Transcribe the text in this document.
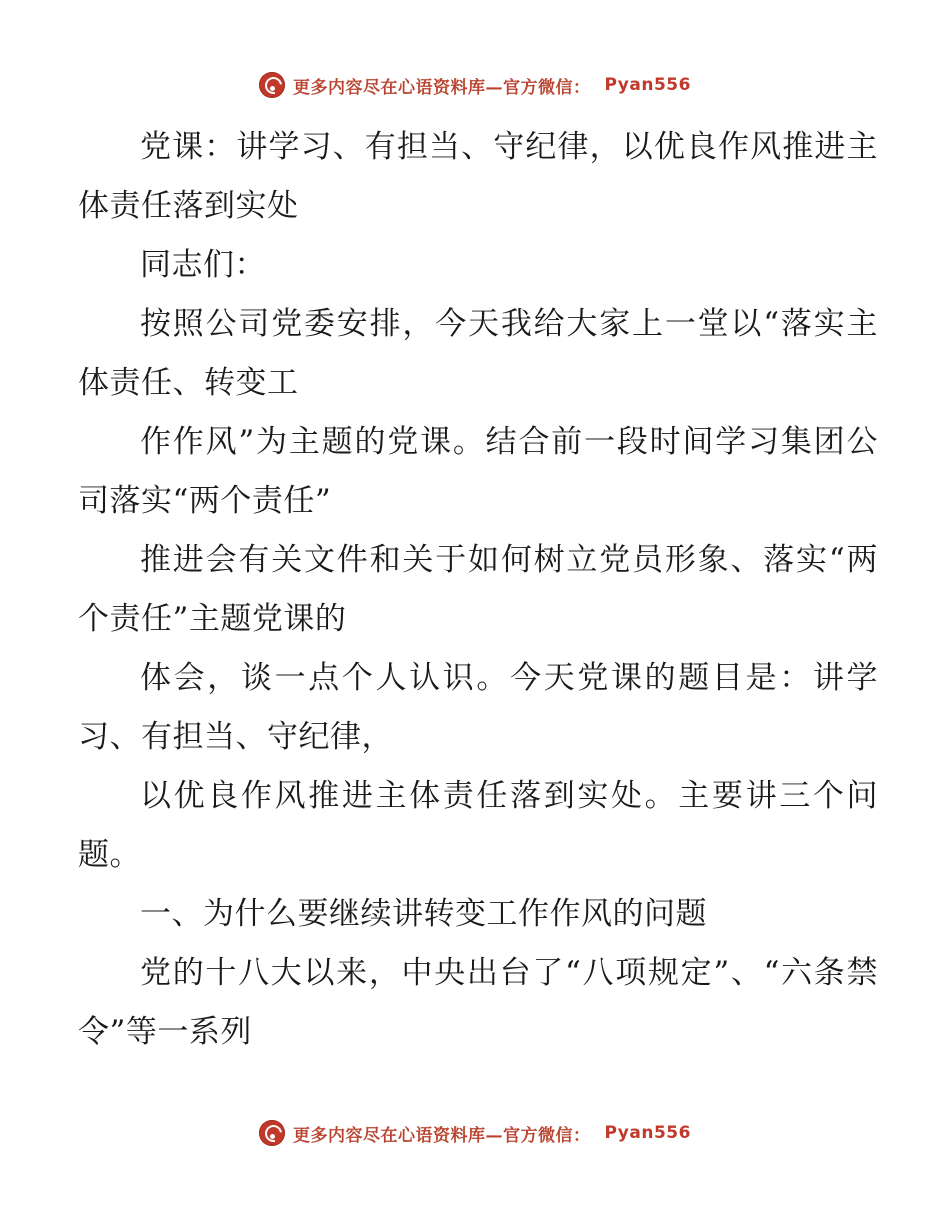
更多内容尽在心语资料库—官方微信： Pyan556

党课：讲学习、有担当、守纪律，以优良作风推进主体责任落到实处

同志们：

按照公司党委安排，今天我给大家上一堂以“落实主体责任、转变工

作作风”为主题的党课。结合前一段时间学习集团公司落实“两个责任”

推进会有关文件和关于如何树立党员形象、落实“两个责任”主题党课的

体会，谈一点个人认识。今天党课的题目是：讲学习、有担当、守纪律，

以优良作风推进主体责任落到实处。主要讲三个问题。

一、为什么要继续讲转变工作作风的问题

党的十八大以来，中央出台了“八项规定”、“六条禁令”等一系列

更多内容尽在心语资料库—官方微信： Pyan556
